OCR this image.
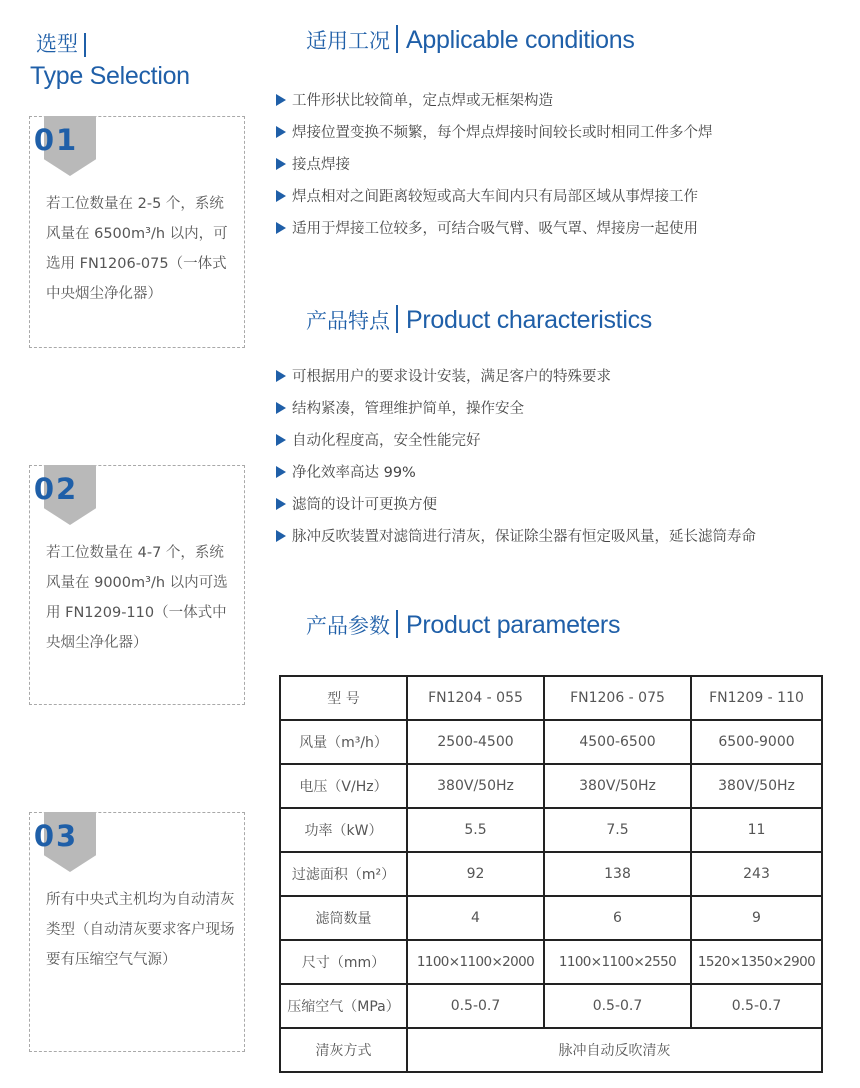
选型
Type Selection
01
若工位数量在 2-5 个，系统风量在 6500m³/h 以内，可选用 FN1206-075（一体式中央烟尘净化器）
02
若工位数量在 4-7 个，系统风量在 9000m³/h 以内可选用 FN1209-110（一体式中央烟尘净化器）
03
所有中央式主机均为自动清灰类型（自动清灰要求客户现场要有压缩空气气源）
适用工况 Applicable conditions
工件形状比较简单，定点焊或无框架构造
焊接位置变换不频繁，每个焊点焊接时间较长或时相同工件多个焊
接点焊接
焊点相对之间距离较短或高大车间内只有局部区域从事焊接工作
适用于焊接工位较多，可结合吸气臂、吸气罩、焊接房一起使用
产品特点 Product characteristics
可根据用户的要求设计安装，满足客户的特殊要求
结构紧凑，管理维护简单，操作安全
自动化程度高，安全性能完好
净化效率高达 99%
滤筒的设计可更换方便
脉冲反吹装置对滤筒进行清灰，保证除尘器有恒定吸风量，延长滤筒寿命
产品参数 Product parameters
型 号	FN1204 - 055	FN1206 - 075	FN1209 - 110
风量（m³/h）	2500-4500	4500-6500	6500-9000
电压（V/Hz）	380V/50Hz	380V/50Hz	380V/50Hz
功率（kW）	5.5	7.5	11
过滤面积（m²）	92	138	243
滤筒数量	4	6	9
尺寸（mm）	1100×1100×2000	1100×1100×2550	1520×1350×2900
压缩空气（MPa）	0.5-0.7	0.5-0.7	0.5-0.7
清灰方式	脉冲自动反吹清灰		
